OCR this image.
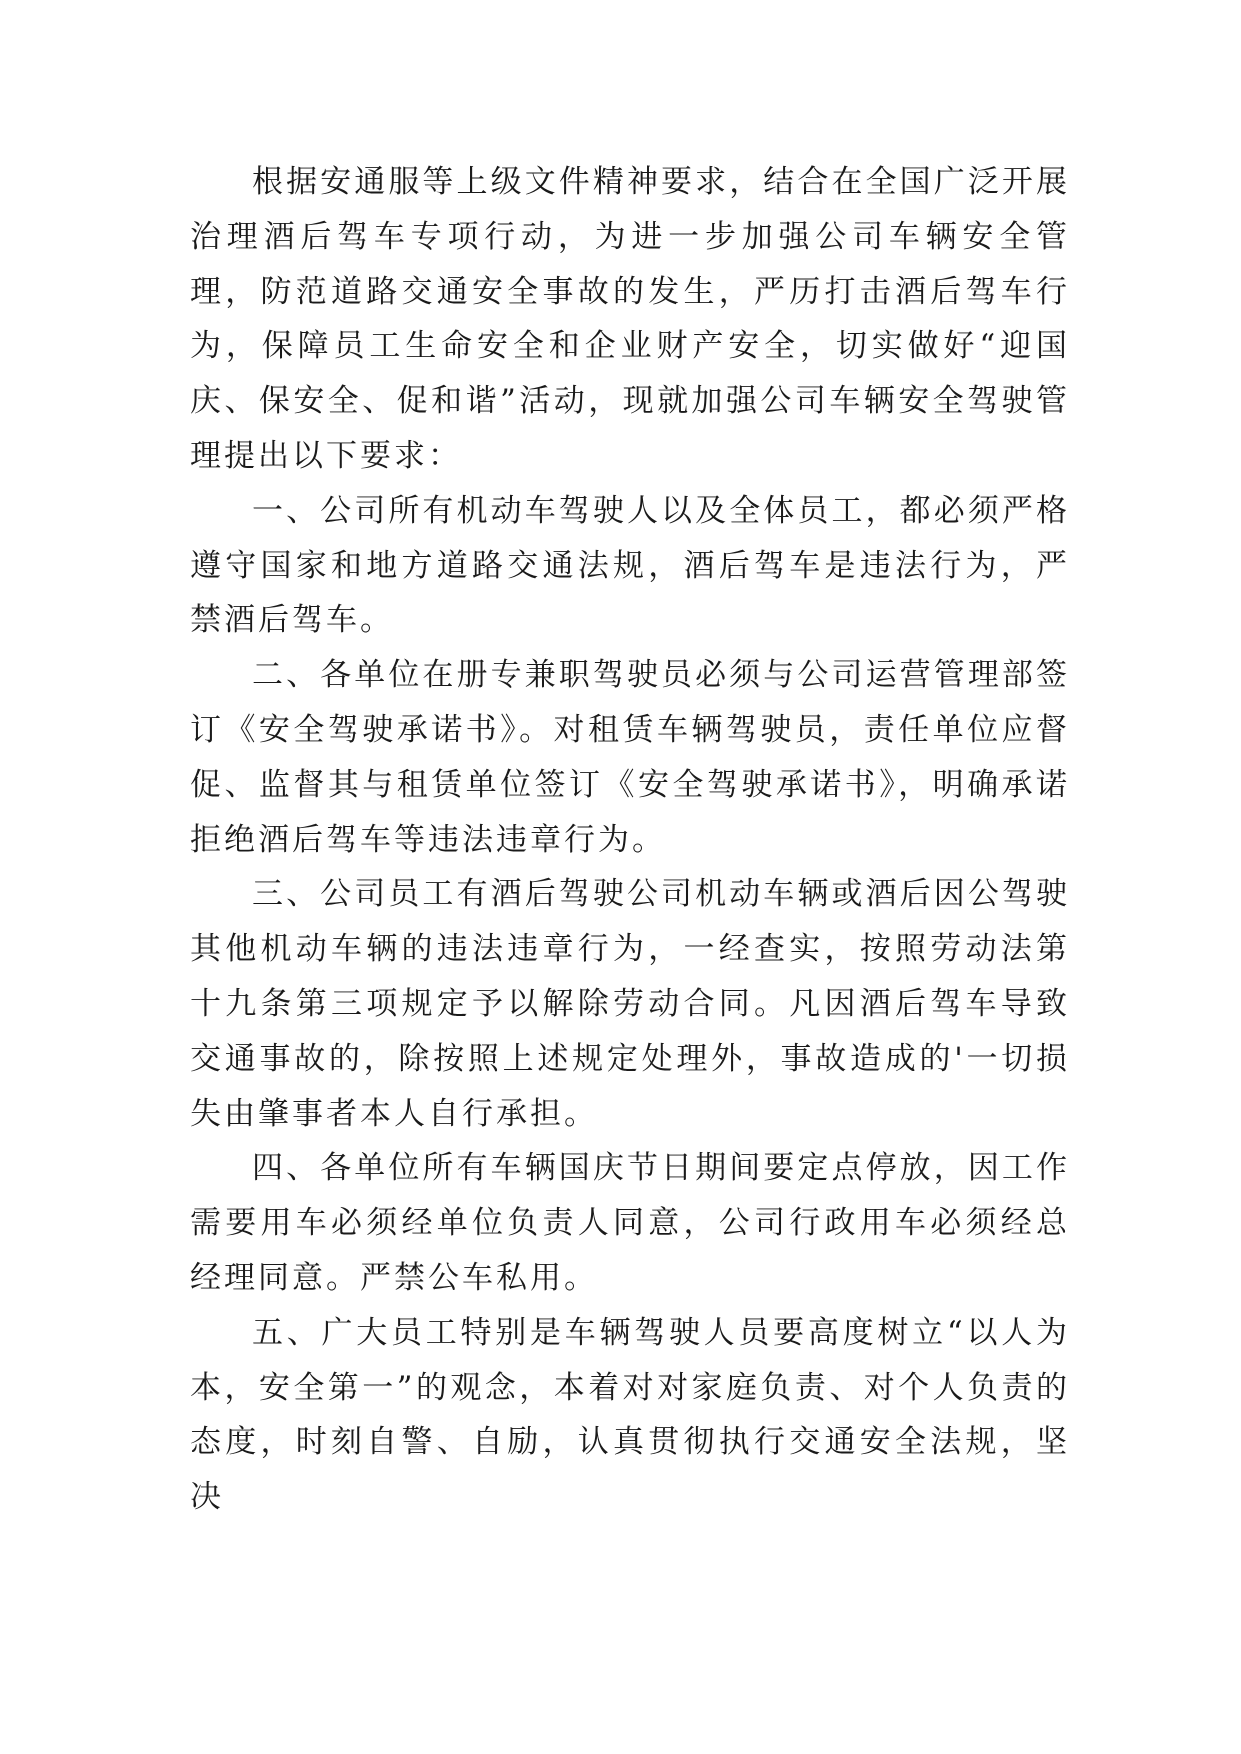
根据安通服等上级文件精神要求，结合在全国广泛开展治理酒后驾车专项行动，为进一步加强公司车辆安全管理，防范道路交通安全事故的发生，严历打击酒后驾车行为，保障员工生命安全和企业财产安全，切实做好“迎国庆、保安全、促和谐”活动，现就加强公司车辆安全驾驶管理提出以下要求：

一、公司所有机动车驾驶人以及全体员工，都必须严格遵守国家和地方道路交通法规，酒后驾车是违法行为，严禁酒后驾车。

二、各单位在册专兼职驾驶员必须与公司运营管理部签订《安全驾驶承诺书》。对租赁车辆驾驶员，责任单位应督促、监督其与租赁单位签订《安全驾驶承诺书》，明确承诺拒绝酒后驾车等违法违章行为。

三、公司员工有酒后驾驶公司机动车辆或酒后因公驾驶其他机动车辆的违法违章行为，一经查实，按照劳动法第十九条第三项规定予以解除劳动合同。凡因酒后驾车导致交通事故的，除按照上述规定处理外，事故造成的'一切损失由肇事者本人自行承担。

四、各单位所有车辆国庆节日期间要定点停放，因工作需要用车必须经单位负责人同意，公司行政用车必须经总经理同意。严禁公车私用。

五、广大员工特别是车辆驾驶人员要高度树立“以人为本，安全第一”的观念，本着对对家庭负责、对个人负责的态度，时刻自警、自励，认真贯彻执行交通安全法规，坚决
